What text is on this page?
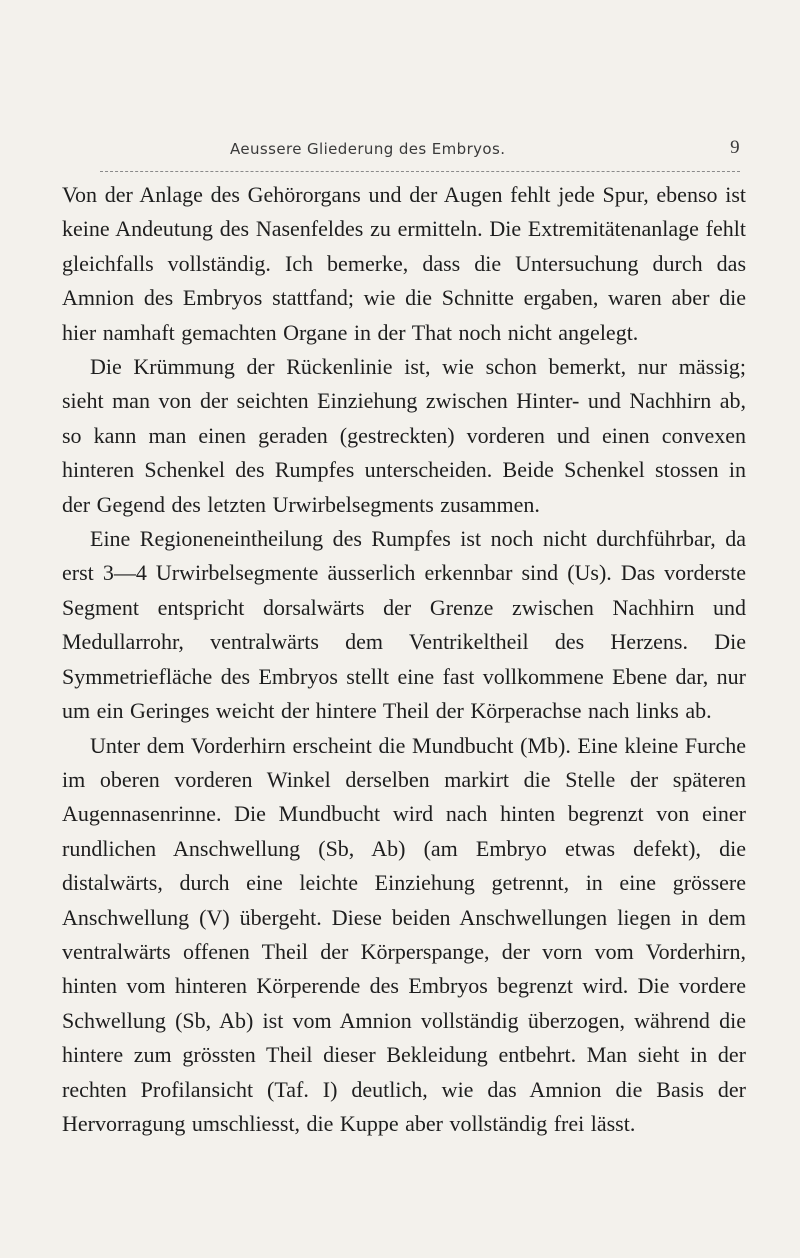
Aeussere Gliederung des Embryos.	9

Von der Anlage des Gehörorgans und der Augen fehlt jede Spur, ebenso ist keine Andeutung des Nasenfeldes zu ermitteln. Die Extremitätenanlage fehlt gleichfalls vollständig. Ich bemerke, dass die Untersuchung durch das Amnion des Embryos stattfand; wie die Schnitte ergaben, waren aber die hier namhaft gemachten Organe in der That noch nicht angelegt.

Die Krümmung der Rückenlinie ist, wie schon bemerkt, nur mässig; sieht man von der seichten Einziehung zwischen Hinter- und Nachhirn ab, so kann man einen geraden (gestreckten) vorderen und einen convexen hinteren Schenkel des Rumpfes unterscheiden. Beide Schenkel stossen in der Gegend des letzten Urwirbelsegments zusammen.

Eine Regioneneintheilung des Rumpfes ist noch nicht durchführbar, da erst 3—4 Urwirbelsegmente äusserlich erkennbar sind (Us). Das vorderste Segment entspricht dorsalwärts der Grenze zwischen Nachhirn und Medullarrohr, ventralwärts dem Ventrikeltheil des Herzens. Die Symmetriefläche des Embryos stellt eine fast vollkommene Ebene dar, nur um ein Geringes weicht der hintere Theil der Körperachse nach links ab.

Unter dem Vorderhirn erscheint die Mundbucht (Mb). Eine kleine Furche im oberen vorderen Winkel derselben markirt die Stelle der späteren Augennasenrinne. Die Mundbucht wird nach hinten begrenzt von einer rundlichen Anschwellung (Sb, Ab) (am Embryo etwas defekt), die distalwärts, durch eine leichte Einziehung getrennt, in eine grössere Anschwellung (V) übergeht. Diese beiden Anschwellungen liegen in dem ventralwärts offenen Theil der Körperspange, der vorn vom Vorderhirn, hinten vom hinteren Körperende des Embryos begrenzt wird. Die vordere Schwellung (Sb, Ab) ist vom Amnion vollständig überzogen, während die hintere zum grössten Theil dieser Bekleidung entbehrt. Man sieht in der rechten Profilansicht (Taf. I) deutlich, wie das Amnion die Basis der Hervorragung umschliesst, die Kuppe aber vollständig frei lässt.
